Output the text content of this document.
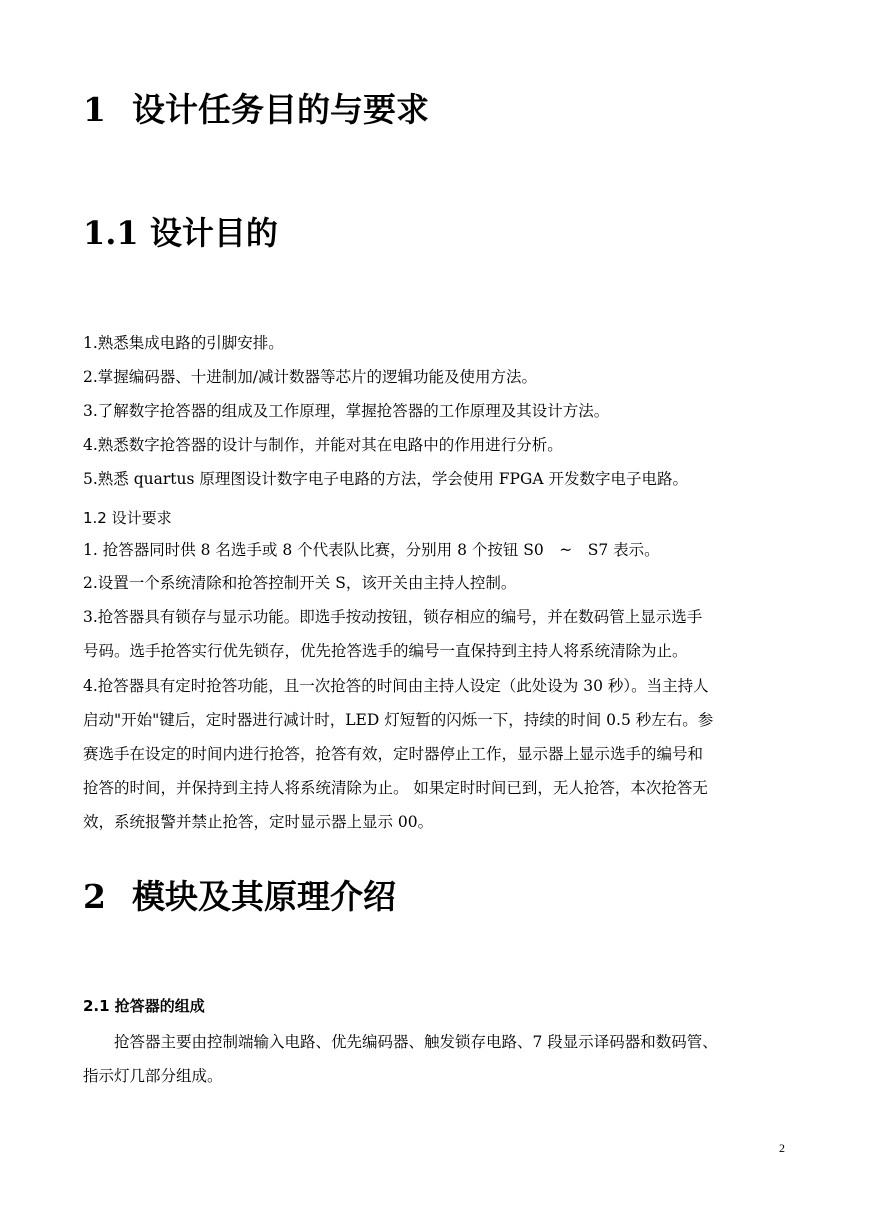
1 设计任务目的与要求
1.1 设计目的
1.熟悉集成电路的引脚安排。
2.掌握编码器、十进制加/减计数器等芯片的逻辑功能及使用方法。
3.了解数字抢答器的组成及工作原理，掌握抢答器的工作原理及其设计方法。
4.熟悉数字抢答器的设计与制作，并能对其在电路中的作用进行分析。
5.熟悉 quartus 原理图设计数字电子电路的方法，学会使用 FPGA 开发数字电子电路。
1.2 设计要求
1. 抢答器同时供 8 名选手或 8 个代表队比赛，分别用 8 个按钮 S0　~　S7 表示。
2.设置一个系统清除和抢答控制开关 S，该开关由主持人控制。
3.抢答器具有锁存与显示功能。即选手按动按钮，锁存相应的编号，并在数码管上显示选手
号码。选手抢答实行优先锁存，优先抢答选手的编号一直保持到主持人将系统清除为止。
4.抢答器具有定时抢答功能，且一次抢答的时间由主持人设定（此处设为 30 秒）。当主持人
启动"开始"键后，定时器进行减计时，LED 灯短暂的闪烁一下，持续的时间 0.5 秒左右。参
赛选手在设定的时间内进行抢答，抢答有效，定时器停止工作，显示器上显示选手的编号和
抢答的时间，并保持到主持人将系统清除为止。 如果定时时间已到，无人抢答，本次抢答无
效，系统报警并禁止抢答，定时显示器上显示 00。
2 模块及其原理介绍
2.1 抢答器的组成
　　抢答器主要由控制端输入电路、优先编码器、触发锁存电路、7 段显示译码器和数码管、
指示灯几部分组成。
2
